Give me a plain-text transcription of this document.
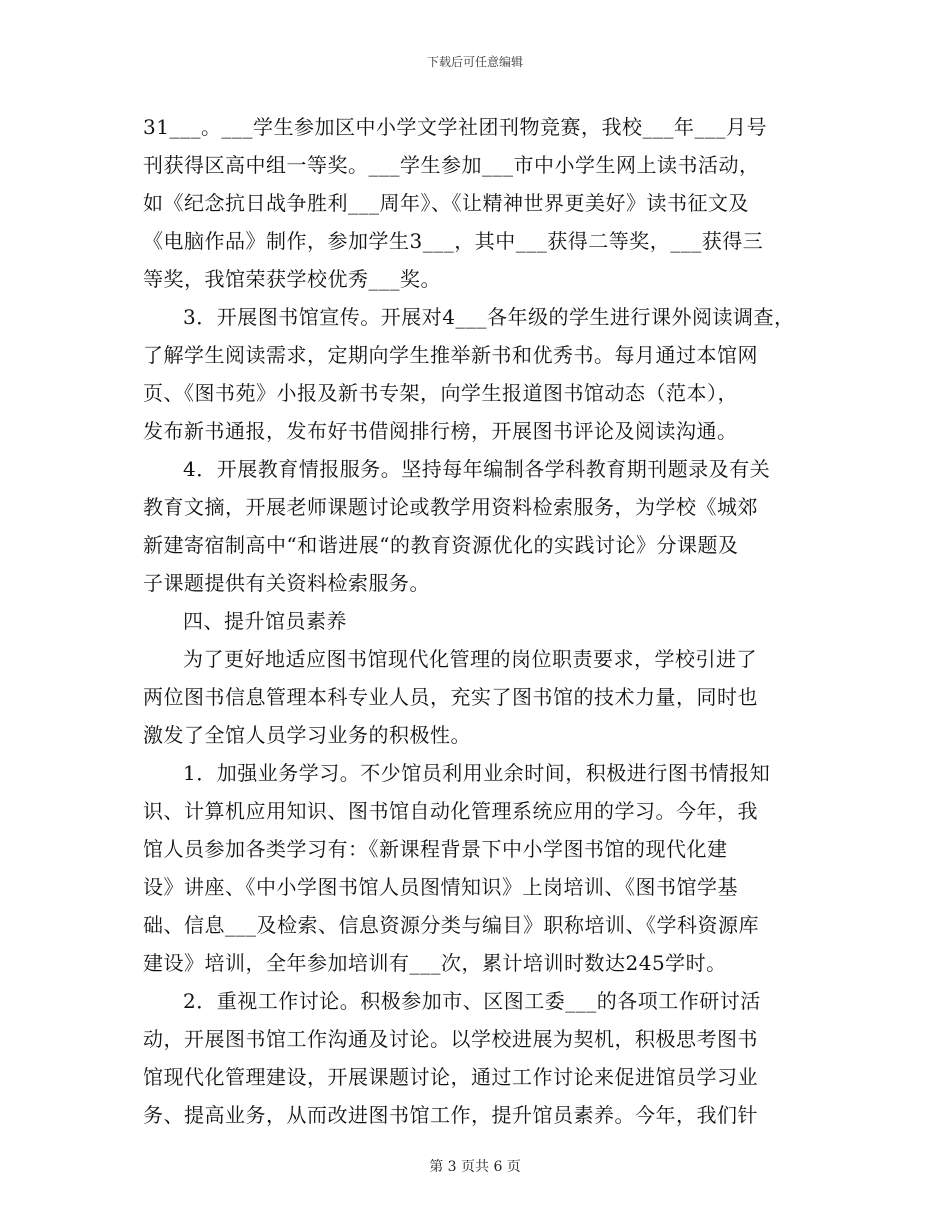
下载后可任意编辑
31___。___学生参加区中小学文学社团刊物竞赛，我校___年___月号
刊获得区高中组一等奖。___学生参加___市中小学生网上读书活动，
如《纪念抗日战争胜利___周年》、《让精神世界更美好》读书征文及
《电脑作品》制作，参加学生3___，其中___获得二等奖，___获得三
等奖，我馆荣获学校优秀___奖。
3．开展图书馆宣传。开展对4___各年级的学生进行课外阅读调查，
了解学生阅读需求，定期向学生推举新书和优秀书。每月通过本馆网
页、《图书苑》小报及新书专架，向学生报道图书馆动态（范本），
发布新书通报，发布好书借阅排行榜，开展图书评论及阅读沟通。
4．开展教育情报服务。坚持每年编制各学科教育期刊题录及有关
教育文摘，开展老师课题讨论或教学用资料检索服务，为学校《城郊
新建寄宿制高中“和谐进展“的教育资源优化的实践讨论》分课题及
子课题提供有关资料检索服务。
四、提升馆员素养
为了更好地适应图书馆现代化管理的岗位职责要求，学校引进了
两位图书信息管理本科专业人员，充实了图书馆的技术力量，同时也
激发了全馆人员学习业务的积极性。
1．加强业务学习。不少馆员利用业余时间，积极进行图书情报知
识、计算机应用知识、图书馆自动化管理系统应用的学习。今年，我
馆人员参加各类学习有：《新课程背景下中小学图书馆的现代化建
设》讲座、《中小学图书馆人员图情知识》上岗培训、《图书馆学基
础、信息___及检索、信息资源分类与编目》职称培训、《学科资源库
建设》培训，全年参加培训有___次，累计培训时数达245学时。
2．重视工作讨论。积极参加市、区图工委___的各项工作研讨活
动，开展图书馆工作沟通及讨论。以学校进展为契机，积极思考图书
馆现代化管理建设，开展课题讨论，通过工作讨论来促进馆员学习业
务、提高业务，从而改进图书馆工作，提升馆员素养。今年，我们针
第 3 页共 6 页
